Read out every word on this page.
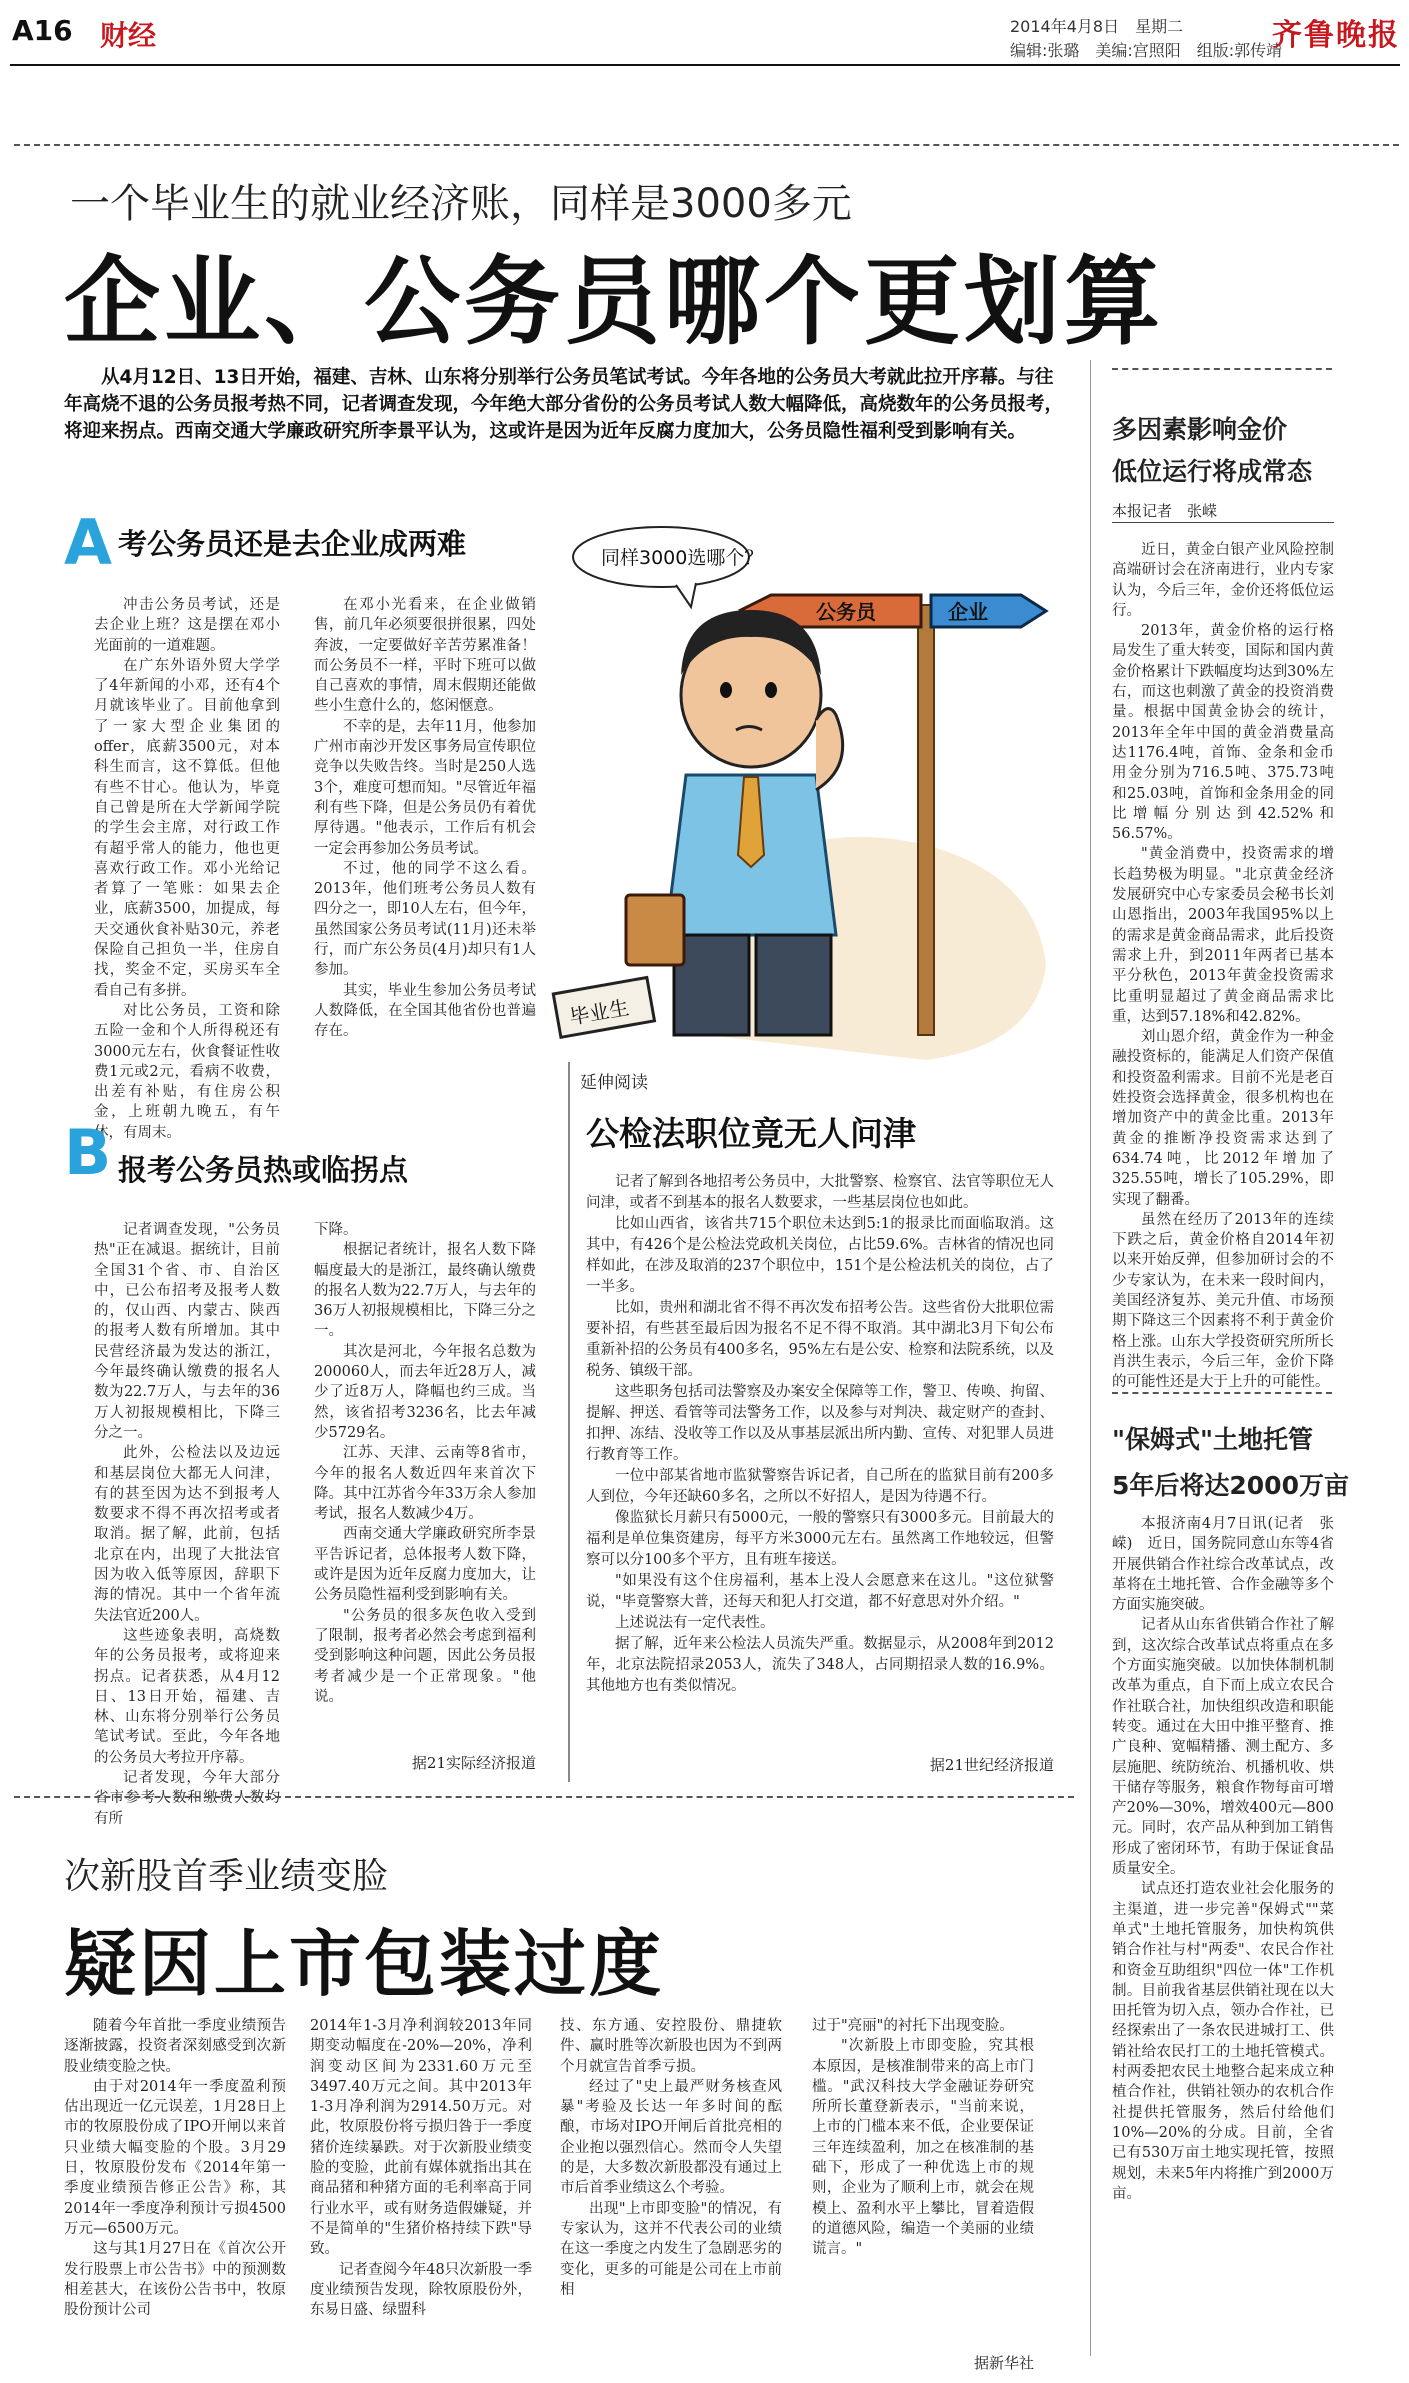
A16 财经	2014年4月8日　星期二
编辑:张璐　美编:宫照阳　组版:郭传靖
齐鲁晚报
一个毕业生的就业经济账，同样是3000多元
企业、公务员哪个更划算
从4月12日、13日开始，福建、吉林、山东将分别举行公务员笔试考试。今年各地的公务员大考就此拉开序幕。与往年高烧不退的公务员报考热不同，记者调查发现，今年绝大部分省份的公务员考试人数大幅降低，高烧数年的公务员报考，将迎来拐点。西南交通大学廉政研究所李景平认为，这或许是因为近年反腐力度加大，公务员隐性福利受到影响有关。
A 考公务员还是去企业成两难

冲击公务员考试，还是去企业上班？这是摆在邓小光面前的一道难题。

在广东外语外贸大学学了4年新闻的小邓，还有4个月就该毕业了。目前他拿到了一家大型企业集团的offer，底薪3500元，对本科生而言，这不算低。但他有些不甘心。他认为，毕竟自己曾是所在大学新闻学院的学生会主席，对行政工作有超乎常人的能力，他也更喜欢行政工作。邓小光给记者算了一笔账：如果去企业，底薪3500，加提成，每天交通伙食补贴30元，养老保险自己担负一半，住房自找，奖金不定，买房买车全看自己有多拼。

对比公务员，工资和除五险一金和个人所得税还有3000元左右，伙食餐证性收费1元或2元，看病不收费，出差有补贴，有住房公积金，上班朝九晚五，有午休，有周末。

在邓小光看来，在企业做销售，前几年必须要很拼很累，四处奔波，一定要做好辛苦劳累准备！而公务员不一样，平时下班可以做自己喜欢的事情，周末假期还能做些小生意什么的，悠闲惬意。

不幸的是，去年11月，他参加广州市南沙开发区事务局宣传职位竞争以失败告终。当时是250人选3个，难度可想而知。"尽管近年福利有些下降，但是公务员仍有着优厚待遇。"他表示，工作后有机会一定会再参加公务员考试。

不过，他的同学不这么看。2013年，他们班考公务员人数有四分之一，即10人左右，但今年，虽然国家公务员考试(11月)还未举行，而广东公务员(4月)却只有1人参加。

其实，毕业生参加公务员考试人数降低，在全国其他省份也普遍存在。

B 报考公务员热或临拐点

记者调查发现，"公务员热"正在减退。据统计，目前全国31个省、市、自治区中，已公布招考及报考人数的，仅山西、内蒙古、陕西的报考人数有所增加。其中民营经济最为发达的浙江，今年最终确认缴费的报名人数为22.7万人，与去年的36万人初报规模相比，下降三分之一。

此外，公检法以及边远和基层岗位大都无人问津，有的甚至因为达不到报考人数要求不得不再次招考或者取消。据了解，此前，包括北京在内，出现了大批法官因为收入低等原因，辞职下海的情况。其中一个省年流失法官近200人。

这些迹象表明，高烧数年的公务员报考，或将迎来拐点。记者获悉，从4月12日、13日开始，福建、吉林、山东将分别举行公务员笔试考试。至此，今年各地的公务员大考拉开序幕。

记者发现，今年大部分省市参考人数和缴费人数均有所

下降。

根据记者统计，报名人数下降幅度最大的是浙江，最终确认缴费的报名人数为22.7万人，与去年的36万人初报规模相比，下降三分之一。

其次是河北，今年报名总数为200060人，而去年近28万人，减少了近8万人，降幅也约三成。当然，该省招考3236名，比去年减少5729名。

江苏、天津、云南等8省市，今年的报名人数近四年来首次下降。其中江苏省今年33万余人参加考试，报名人数减少4万。

西南交通大学廉政研究所李景平告诉记者，总体报考人数下降，或许是因为近年反腐力度加大，让公务员隐性福利受到影响有关。

"公务员的很多灰色收入受到了限制，报考者必然会考虑到福利受到影响这种问题，因此公务员报考者减少是一个正常现象。"他说。

据21实际经济报道
公务员	企业
同样3000选哪个？
毕业生
延伸阅读
公检法职位竟无人问津

记者了解到各地招考公务员中，大批警察、检察官、法官等职位无人问津，或者不到基本的报名人数要求，一些基层岗位也如此。

比如山西省，该省共715个职位未达到5:1的报录比而面临取消。这其中，有426个是公检法党政机关岗位，占比59.6%。吉林省的情况也同样如此，在涉及取消的237个职位中，151个是公检法机关的岗位，占了一半多。

比如，贵州和湖北省不得不再次发布招考公告。这些省份大批职位需要补招，有些甚至最后因为报名不足不得不取消。其中湖北3月下旬公布重新补招的公务员有400多名，95%左右是公安、检察和法院系统，以及税务、镇级干部。

这些职务包括司法警察及办案安全保障等工作，警卫、传唤、拘留、提解、押送、看管等司法警务工作，以及参与对判决、裁定财产的查封、扣押、冻结、没收等工作以及从事基层派出所内勤、宣传、对犯罪人员进行教育等工作。

一位中部某省地市监狱警察告诉记者，自己所在的监狱目前有200多人到位，今年还缺60多名，之所以不好招人，是因为待遇不行。

像监狱长月薪只有5000元，一般的警察只有3000多元。目前最大的福利是单位集资建房，每平方米3000元左右。虽然离工作地较远，但警察可以分100多个平方，且有班车接送。

"如果没有这个住房福利，基本上没人会愿意来在这儿。"这位狱警说，"毕竟警察大普，还每天和犯人打交道，都不好意思对外介绍。"

上述说法有一定代表性。

据了解，近年来公检法人员流失严重。数据显示，从2008年到2012年，北京法院招录2053人，流失了348人，占同期招录人数的16.9%。其他地方也有类似情况。

据21世纪经济报道
多因素影响金价
低位运行将成常态
本报记者　张嵘

近日，黄金白银产业风险控制高端研讨会在济南进行，业内专家认为，今后三年，金价还将低位运行。

2013年，黄金价格的运行格局发生了重大转变，国际和国内黄金价格累计下跌幅度均达到30%左右，而这也刺激了黄金的投资消费量。根据中国黄金协会的统计，2013年全年中国的黄金消费量高达1176.4吨，首饰、金条和金币用金分别为716.5吨、375.73吨和25.03吨，首饰和金条用金的同比增幅分别达到42.52%和56.57%。

"黄金消费中，投资需求的增长趋势极为明显。"北京黄金经济发展研究中心专家委员会秘书长刘山恩指出，2003年我国95%以上的需求是黄金商品需求，此后投资需求上升，到2011年两者已基本平分秋色，2013年黄金投资需求比重明显超过了黄金商品需求比重，达到57.18%和42.82%。

刘山恩介绍，黄金作为一种金融投资标的，能满足人们资产保值和投资盈利需求。目前不光是老百姓投资会选择黄金，很多机构也在增加资产中的黄金比重。2013年黄金的推断净投资需求达到了634.74吨，比2012年增加了325.55吨，增长了105.29%，即实现了翻番。

虽然在经历了2013年的连续下跌之后，黄金价格自2014年初以来开始反弹，但参加研讨会的不少专家认为，在未来一段时间内，美国经济复苏、美元升值、市场预期下降这三个因素将不利于黄金价格上涨。山东大学投资研究所所长肖洪生表示，今后三年，金价下降的可能性还是大于上升的可能性。

"保姆式"土地托管
5年后将达2000万亩

本报济南4月7日讯(记者　张嵘)　近日，国务院同意山东等4省开展供销合作社综合改革试点，改革将在土地托管、合作金融等多个方面实施突破。

记者从山东省供销合作社了解到，这次综合改革试点将重点在多个方面实施突破。以加快体制机制改革为重点，自下而上成立农民合作社联合社，加快组织改造和职能转变。通过在大田中推平整育、推广良种、宽幅精播、测土配方、多层施肥、统防统治、机播机收、烘干储存等服务，粮食作物每亩可增产20%—30%，增效400元—800元。同时，农产品从种到加工销售形成了密闭环节，有助于保证食品质量安全。

试点还打造农业社会化服务的主渠道，进一步完善"保姆式""菜单式"土地托管服务，加快构筑供销合作社与村"两委"、农民合作社和资金互助组织"四位一体"工作机制。目前我省基层供销社现在以大田托管为切入点，领办合作社，已经探索出了一条农民进城打工、供销社给农民打工的土地托管模式。村两委把农民土地整合起来成立种植合作社，供销社领办的农机合作社提供托管服务，然后付给他们10%—20%的分成。目前，全省已有530万亩土地实现托管，按照规划，未来5年内将推广到2000万亩。

次新股首季业绩变脸
疑因上市包装过度

随着今年首批一季度业绩预告逐渐披露，投资者深刻感受到次新股业绩变脸之快。

由于对2014年一季度盈利预估出现近一亿元误差，1月28日上市的牧原股份成了IPO开闸以来首只业绩大幅变脸的个股。3月29日，牧原股份发布《2014年第一季度业绩预告修正公告》称，其2014年一季度净利预计亏损4500万元—6500万元。

这与其1月27日在《首次公开发行股票上市公告书》中的预测数相差甚大，在该份公告书中，牧原股份预计公司

2014年1-3月净利润较2013年同期变动幅度在-20%—20%，净利润变动区间为2331.60万元至3497.40万元之间。其中2013年1-3月净利润为2914.50万元。对此，牧原股份将亏损归咎于一季度猪价连续暴跌。对于次新股业绩变脸的变脸，此前有媒体就指出其在商品猪和种猪方面的毛利率高于同行业水平，或有财务造假嫌疑，并不是简单的"生猪价格持续下跌"导致。

记者查阅今年48只次新股一季度业绩预告发现，除牧原股份外，东易日盛、绿盟科

技、东方通、安控股份、鼎捷软件、赢时胜等次新股也因为不到两个月就宣告首季亏损。

经过了"史上最严财务核查风暴"考验及长达一年多时间的酝酿，市场对IPO开闸后首批亮相的企业抱以强烈信心。然而令人失望的是，大多数次新股都没有通过上市后首季业绩这么个考验。

出现"上市即变脸"的情况，有专家认为，这并不代表公司的业绩在这一季度之内发生了急剧恶劣的变化，更多的可能是公司在上市前相

过于"亮丽"的衬托下出现变脸。

"次新股上市即变脸，究其根本原因，是核准制带来的高上市门槛。"武汉科技大学金融证券研究所所长董登新表示，"当前来说，上市的门槛本来不低，企业要保证三年连续盈利，加之在核准制的基础下，形成了一种优选上市的规则，企业为了顺利上市，就会在规模上、盈利水平上攀比，冒着造假的道德风险，编造一个美丽的业绩谎言。"

据新华社
